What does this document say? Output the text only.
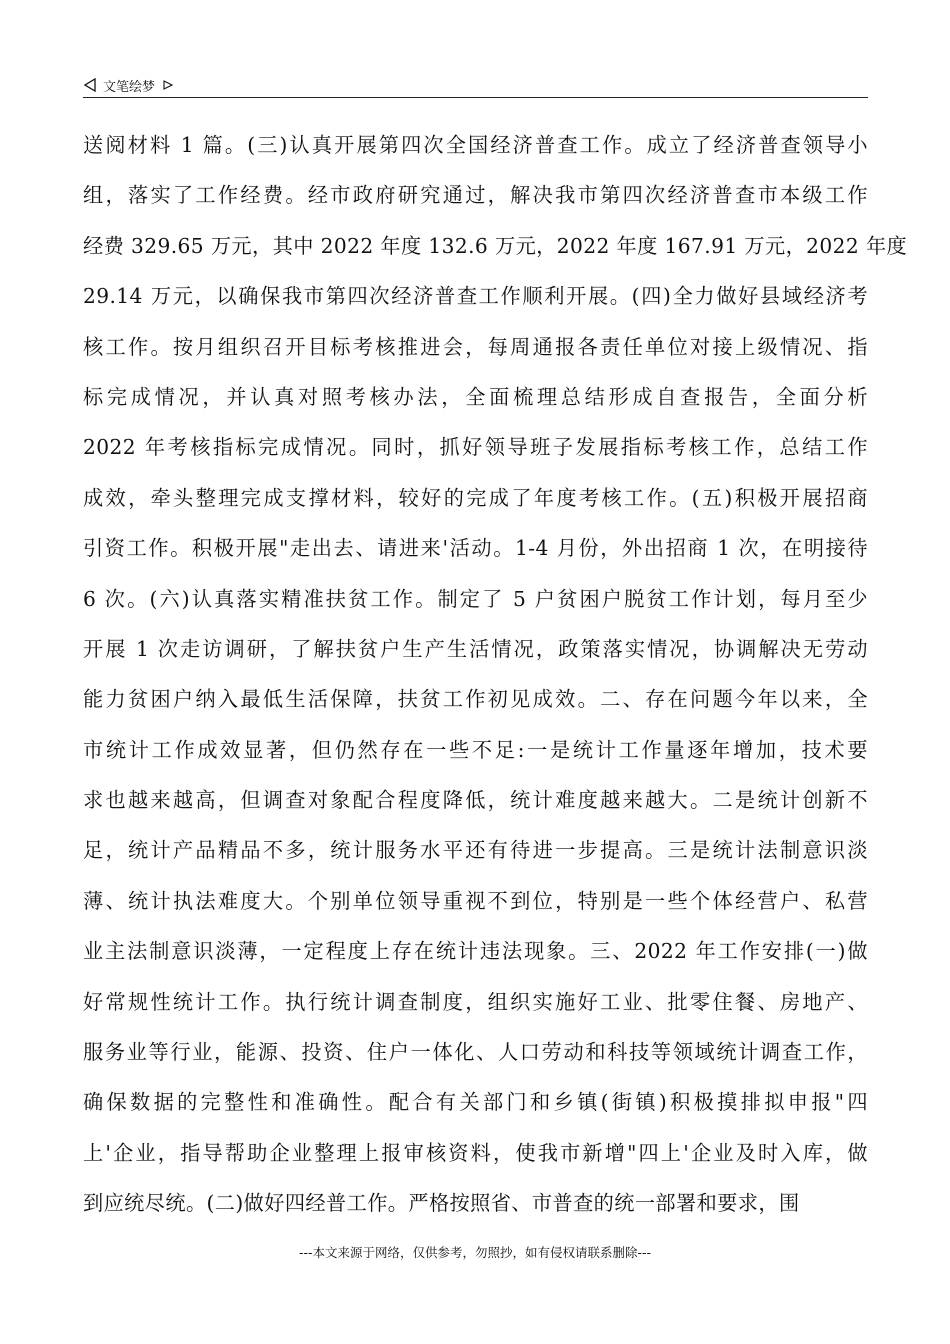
文笔绘梦
送阅材料 1 篇。(三)认真开展第四次全国经济普查工作。成立了经济普查领导小
组，落实了工作经费。经市政府研究通过，解决我市第四次经济普查市本级工作
经费 329.65 万元，其中 2022 年度 132.6 万元，2022 年度 167.91 万元，2022 年度
29.14 万元，以确保我市第四次经济普查工作顺利开展。(四)全力做好县域经济考
核工作。按月组织召开目标考核推进会，每周通报各责任单位对接上级情况、指
标完成情况，并认真对照考核办法，全面梳理总结形成自查报告，全面分析
2022 年考核指标完成情况。同时，抓好领导班子发展指标考核工作，总结工作
成效，牵头整理完成支撑材料，较好的完成了年度考核工作。(五)积极开展招商
引资工作。积极开展"走出去、请进来'活动。1-4 月份，外出招商 1 次，在明接待
6 次。(六)认真落实精准扶贫工作。制定了 5 户贫困户脱贫工作计划，每月至少
开展 1 次走访调研，了解扶贫户生产生活情况，政策落实情况，协调解决无劳动
能力贫困户纳入最低生活保障，扶贫工作初见成效。二、存在问题今年以来，全
市统计工作成效显著，但仍然存在一些不足:一是统计工作量逐年增加，技术要
求也越来越高，但调查对象配合程度降低，统计难度越来越大。二是统计创新不
足，统计产品精品不多，统计服务水平还有待进一步提高。三是统计法制意识淡
薄、统计执法难度大。个别单位领导重视不到位，特别是一些个体经营户、私营
业主法制意识淡薄，一定程度上存在统计违法现象。三、2022 年工作安排(一)做
好常规性统计工作。执行统计调查制度，组织实施好工业、批零住餐、房地产、
服务业等行业，能源、投资、住户一体化、人口劳动和科技等领域统计调查工作，
确保数据的完整性和准确性。配合有关部门和乡镇(街镇)积极摸排拟申报"四
上'企业，指导帮助企业整理上报审核资料，使我市新增"四上'企业及时入库，做
到应统尽统。(二)做好四经普工作。严格按照省、市普查的统一部署和要求，围
---本文来源于网络，仅供参考，勿照抄，如有侵权请联系删除---
